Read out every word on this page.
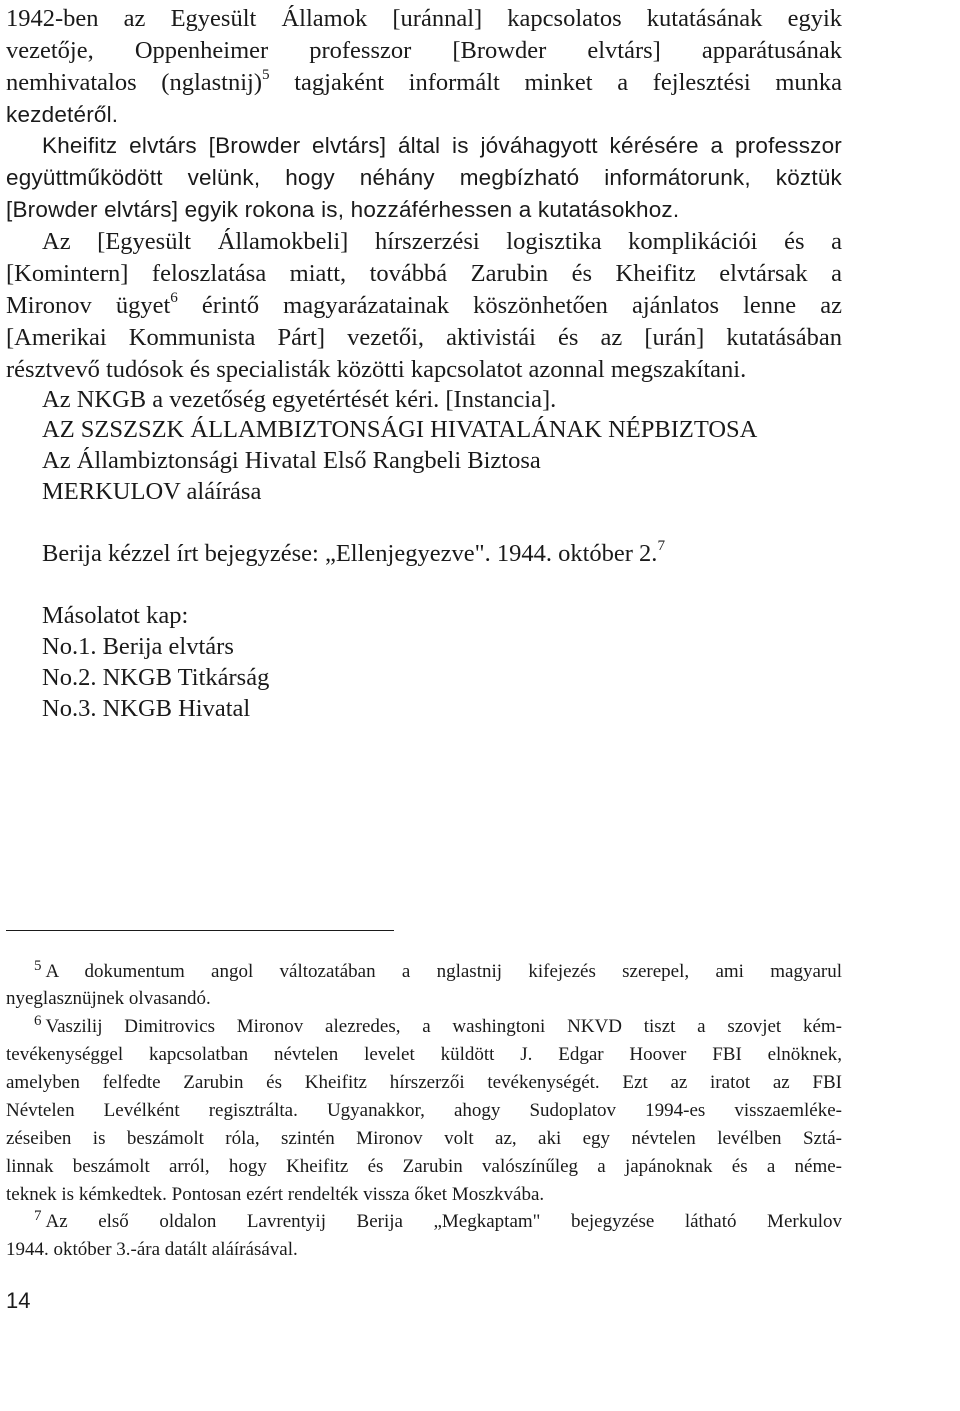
1942-ben az Egyesült Államok [uránnal] kapcsolatos kutatásának egyik
vezetője, Oppenheimer professzor [Browder elvtárs] apparátusának
nemhivatalos (nglastnij)$^5$ tagjaként informált minket a fejlesztési munka
kezdetéről.
Kheifitz elvtárs [Browder elvtárs] által is jóváhagyott kérésére a professzor
együttműködött velünk, hogy néhány megbízható informátorunk, köztük
[Browder elvtárs] egyik rokona is, hozzáférhessen a kutatásokhoz.
Az [Egyesült Államokbeli] hírszerzési logisztika komplikációi és a
[Komintern] feloszlatása miatt, továbbá Zarubin és Kheifitz elvtársak a
Mironov ügyet$^6$ érintő magyarázatainak köszönhetően ajánlatos lenne az
[Amerikai Kommunista Párt] vezetői, aktivistái és az [urán] kutatásában
résztvevő tudósok és specialisták közötti kapcsolatot azonnal megszakítani.
Az NKGB a vezetőség egyetértését kéri. [Instancia].
AZ SZSZSZK ÁLLAMBIZTONSÁGI HIVATALÁNAK NÉPBIZTOSA
Az Állambiztonsági Hivatal Első Rangbeli Biztosa
MERKULOV aláírása
Berija kézzel írt bejegyzése: „Ellenjegyezve". 1944. október 2.$^7$
Másolatot kap:
No.1. Berija elvtárs
No.2. NKGB Titkárság
No.3. NKGB Hivatal
$^5$ A dokumentum angol változatában a nglastnij kifejezés szerepel, ami magyarul
nyeglasznüjnek olvasandó.
$^6$ Vaszilij Dimitrovics Mironov alezredes, a washingtoni NKVD tiszt a szovjet kém-
tevékenységgel kapcsolatban névtelen levelet küldött J. Edgar Hoover FBI elnöknek,
amelyben felfedte Zarubin és Kheifitz hírszerzői tevékenységét. Ezt az iratot az FBI
Névtelen Levélként regisztrálta. Ugyanakkor, ahogy Sudoplatov 1994-es visszaemléke-
zéseiben is beszámolt róla, szintén Mironov volt az, aki egy névtelen levélben Sztá-
linnak beszámolt arról, hogy Kheifitz és Zarubin valószínűleg a japánoknak és a néme-
teknek is kémkedtek. Pontosan ezért rendelték vissza őket Moszkvába.
$^7$ Az első oldalon Lavrentyij Berija „Megkaptam" bejegyzése látható Merkulov
1944. október 3.-ára datált aláírásával.
14
